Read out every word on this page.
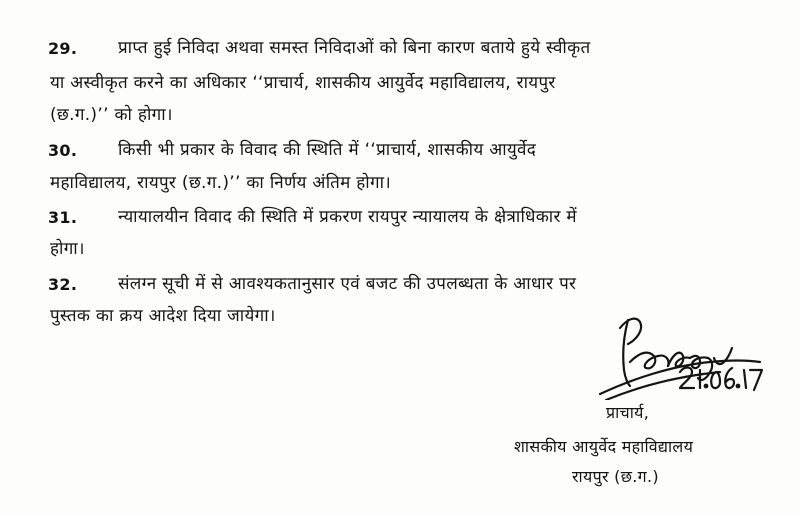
29. प्राप्त हुई निविदा अथवा समस्त निविदाओं को बिना कारण बताये हुये स्वीकृत
या अस्वीकृत करने का अधिकार ‘‘प्राचार्य, शासकीय आयुर्वेद महाविद्यालय, रायपुर
(छ.ग.)’’ को होगा।
30. किसी भी प्रकार के विवाद की स्थिति में ‘‘प्राचार्य, शासकीय आयुर्वेद
महाविद्यालय, रायपुर (छ.ग.)’’ का निर्णय अंतिम होगा।
31. न्यायालयीन विवाद की स्थिति में प्रकरण रायपुर न्यायालय के क्षेत्राधिकार में
होगा।
32. संलग्न सूची में से आवश्यकतानुसार एवं बजट की उपलब्धता के आधार पर
पुस्तक का क्रय आदेश दिया जायेगा।
प्राचार्य,
शासकीय आयुर्वेद महाविद्यालय
रायपुर (छ.ग.)
